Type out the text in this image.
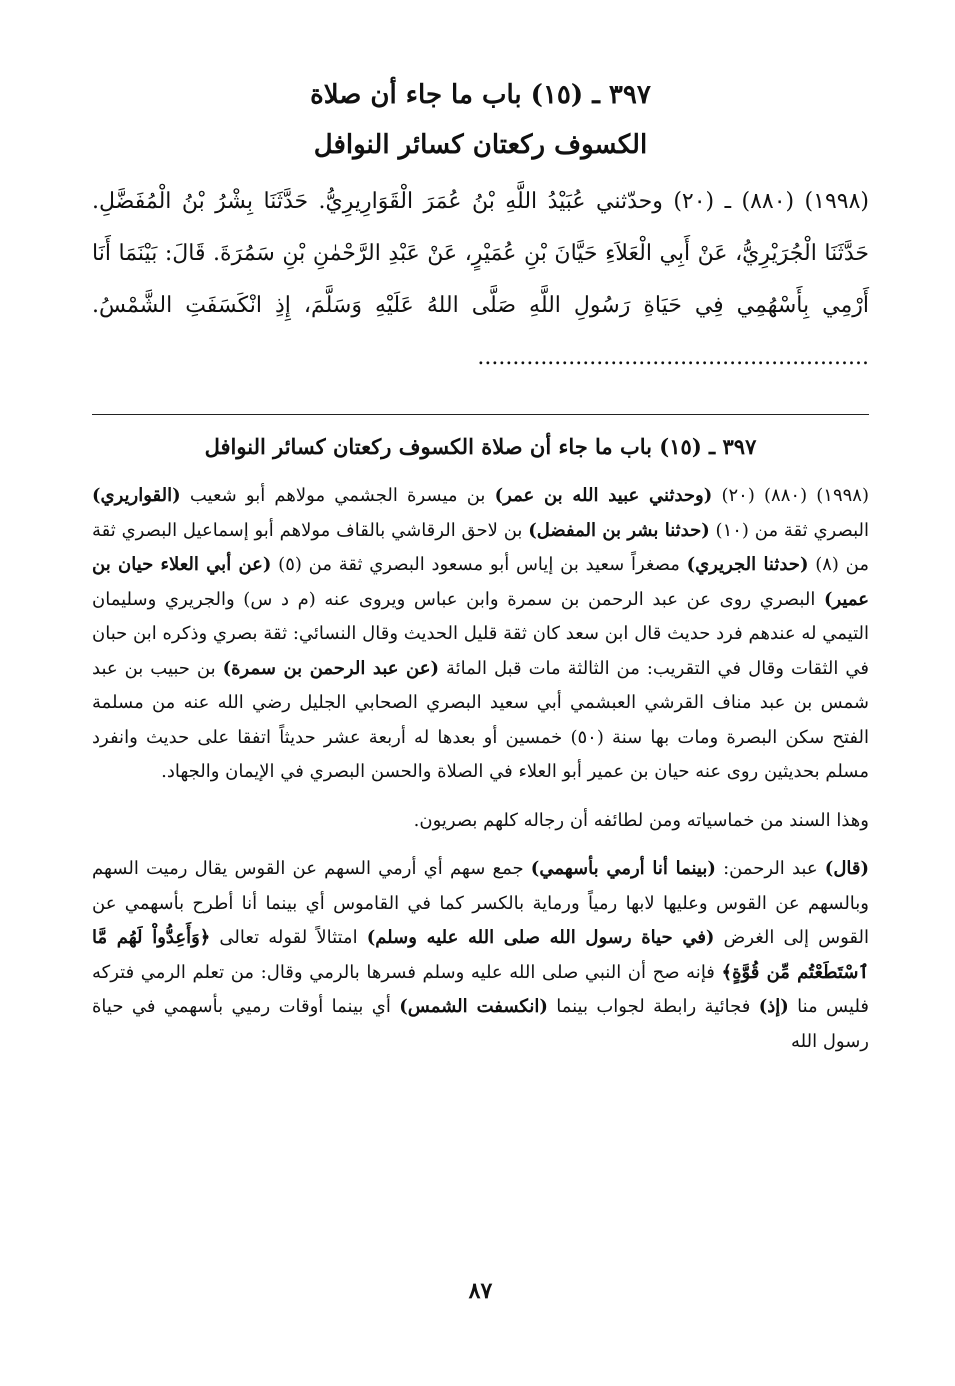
٣٩٧ ـ (١٥) باب ما جاء أن صلاة
الكسوف ركعتان كسائر النوافل

(١٩٩٨) (٨٨٠) ـ (٢٠) وحدّثني عُبَيْدُ اللَّهِ بْنُ عُمَرَ الْقَوَارِيرِيُّ. حَدَّثَنَا بِشْرُ بْنُ الْمُفَضَّلِ. حَدَّثَنَا الْجُرَيْرِيُّ، عَنْ أَبِي الْعَلاَءِ حَيَّانَ بْنِ عُمَيْرٍ، عَنْ عَبْدِ الرَّحْمٰنِ بْنِ سَمُرَةَ. قَالَ: بَيْنَمَا أَنَا أَرْمِي بِأَسْهُمِي فِي حَيَاةِ رَسُولِ اللَّهِ صَلَّى اللهُ عَلَيْهِ وَسَلَّمَ، إِذِ انْكَسَفَتِ الشَّمْسُ. ........................................................

٣٩٧ ـ (١٥) باب ما جاء أن صلاة الكسوف ركعتان كسائر النوافل

(١٩٩٨) (٨٨٠) (٢٠) (وحدثني عبيد الله بن عمر) بن ميسرة الجشمي مولاهم أبو شعيب (القواريري) البصري ثقة من (١٠) (حدثنا بشر بن المفضل) بن لاحق الرقاشي بالقاف مولاهم أبو إسماعيل البصري ثقة من (٨) (حدثنا الجريري) مصغراً سعيد بن إياس أبو مسعود البصري ثقة من (٥) (عن أبي العلاء حيان بن عمير) البصري روى عن عبد الرحمن بن سمرة وابن عباس ويروى عنه (م د س) والجريري وسليمان التيمي له عندهم فرد حديث قال ابن سعد كان ثقة قليل الحديث وقال النسائي: ثقة بصري وذكره ابن حبان في الثقات وقال في التقريب: من الثالثة مات قبل المائة (عن عبد الرحمن بن سمرة) بن حبيب بن عبد شمس بن عبد مناف القرشي العبشمي أبي سعيد البصري الصحابي الجليل رضي الله عنه من مسلمة الفتح سكن البصرة ومات بها سنة (٥٠) خمسين أو بعدها له أربعة عشر حديثاً اتفقا على حديث وانفرد مسلم بحديثين روى عنه حيان بن عمير أبو العلاء في الصلاة والحسن البصري في الإيمان والجهاد.

وهذا السند من خماسياته ومن لطائفه أن رجاله كلهم بصريون.

(قال) عبد الرحمن: (بينما أنا أرمي بأسهمي) جمع سهم أي أرمي السهم عن القوس يقال رميت السهم وبالسهم عن القوس وعليها لابها رمياً ورماية بالكسر كما في القاموس أي بينما أنا أطرح بأسهمي عن القوس إلى الغرض (في حياة رسول الله صلى الله عليه وسلم) امتثالاً لقوله تعالى ﴿وَأَعِدُّواْ لَهُم مَّا ٱسْتَطَعْتُم مِّن قُوَّةٍ﴾ فإنه صح أن النبي صلى الله عليه وسلم فسرها بالرمي وقال: من تعلم الرمي فتركه فليس منا (إذ) فجائية رابطة لجواب بينما (انكسفت الشمس) أي بينما أوقات رميي بأسهمي في حياة رسول الله

٨٧
